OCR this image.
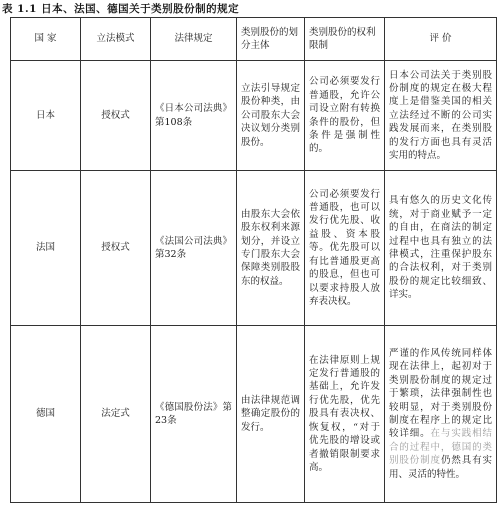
表 1.1 日本、法国、德国关于类别股份制的规定
国 家	立法模式	法律规定	类别股份的划分主体	类别股份的权利限制	评 价
日本	授权式	《日本公司法典》第108条	立法引导规定股份种类，由公司股东大会决议划分类别股份。	公司必须要发行普通股，允许公司设立附有转换条件的股份，但条件是强制性的。	日本公司法关于类别股份制度的规定在极大程度上是借鉴美国的相关立法经过不断的公司实践发展而来，在类别股的发行方面也具有灵活实用的特点。
法国	授权式	《法国公司法典》第32条	由股东大会依股东权利来源划分，并设立专门股东大会保障类别股股东的权益。	公司必须要发行普通股，也可以发行优先股、收益股、资本股等。优先股可以有比普通股更高的股息，但也可以要求持股人放弃表决权。	具有悠久的历史文化传统，对于商业赋予一定的自由，在商法的制定过程中也具有独立的法律模式，注重保护股东的合法权利，对于类别股份的规定比较细致、详实。
德国	法定式	《德国股份法》第23条	由法律规范调整确定股份的发行。	在法律原则上规定发行普通股的基础上，允许发行优先股，优先股具有表决权、恢复权，“对于优先股的增设或者撤销限制要求高。	严谨的作风传统同样体现在法律上，起初对于类别股份制度的规定过于繁琐，法律强制性也较明显，对于类别股份制度在程序上的规定比较详细。在与实践相结合的过程中，德国的类别股份制度仍然具有实用、灵活的特性。
